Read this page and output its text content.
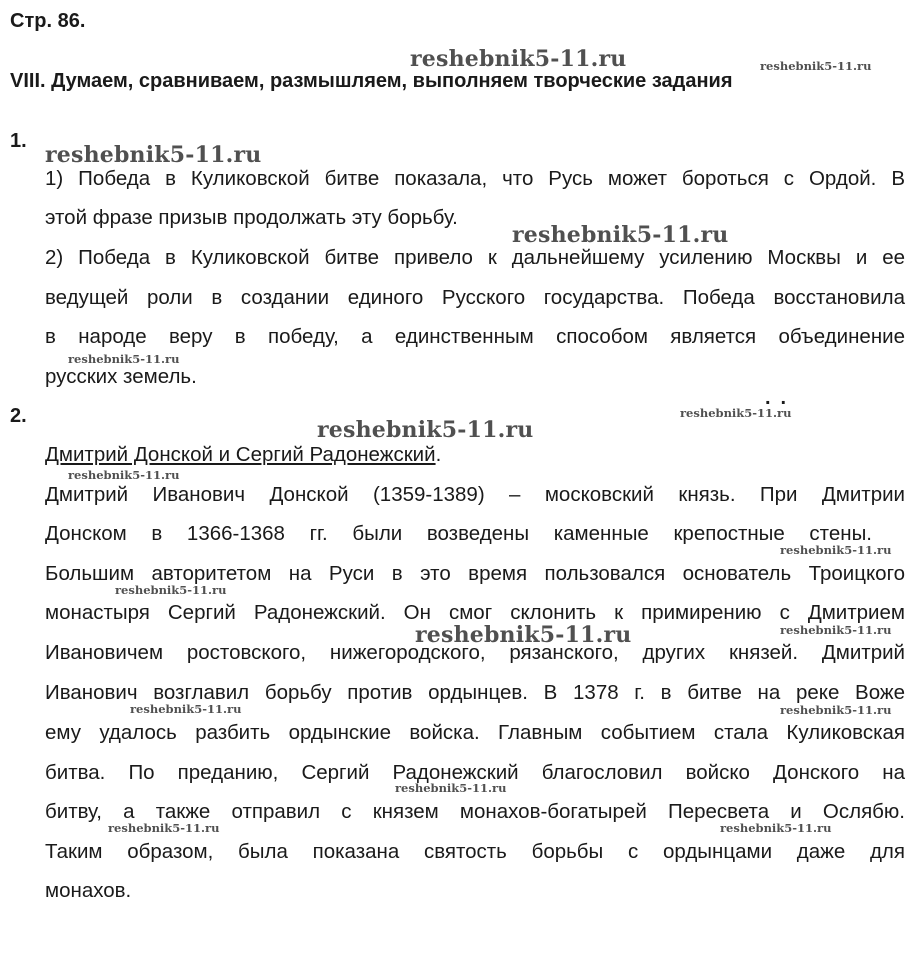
Стр. 86.
VIII. Думаем, сравниваем, размышляем, выполняем творческие задания
1.
1) Победа в Куликовской битве показала, что Русь может бороться с Ордой. В
этой фразе призыв продолжать эту борьбу.
2) Победа в Куликовской битве привело к дальнейшему усилению Москвы и ее
ведущей роли в создании единого Русского государства. Победа восстановила
в народе веру в победу, а единственным способом является объединение
русских земель.
2.
..
Дмитрий Донской и Сергий Радонежский.
Дмитрий Иванович Донской (1359-1389) – московский князь. При Дмитрии
Донском в 1366-1368 гг. были возведены каменные крепостные стены.
Большим авторитетом на Руси в это время пользовался основатель Троицкого
монастыря Сергий Радонежский. Он смог склонить к примирению с Дмитрием
Ивановичем ростовского, нижегородского, рязанского, других князей. Дмитрий
Иванович возглавил борьбу против ордынцев. В 1378 г. в битве на реке Воже
ему удалось разбить ордынские войска. Главным событием стала Куликовская
битва. По преданию, Сергий Радонежский благословил войско Донского на
битву, а также отправил с князем монахов-богатырей Пересвета и Ослябю.
Таким образом, была показана святость борьбы с ордынцами даже для
монахов.
reshebnik5-11.ru	reshebnik5-11.ru
reshebnik5-11.ru
reshebnik5-11.ru
reshebnik5-11.ru
reshebnik5-11.ru
reshebnik5-11.ru
reshebnik5-11.ru
reshebnik5-11.ru
reshebnik5-11.ru
reshebnik5-11.ru	reshebnik5-11.ru
reshebnik5-11.ru	reshebnik5-11.ru
reshebnik5-11.ru
reshebnik5-11.ru	reshebnik5-11.ru
